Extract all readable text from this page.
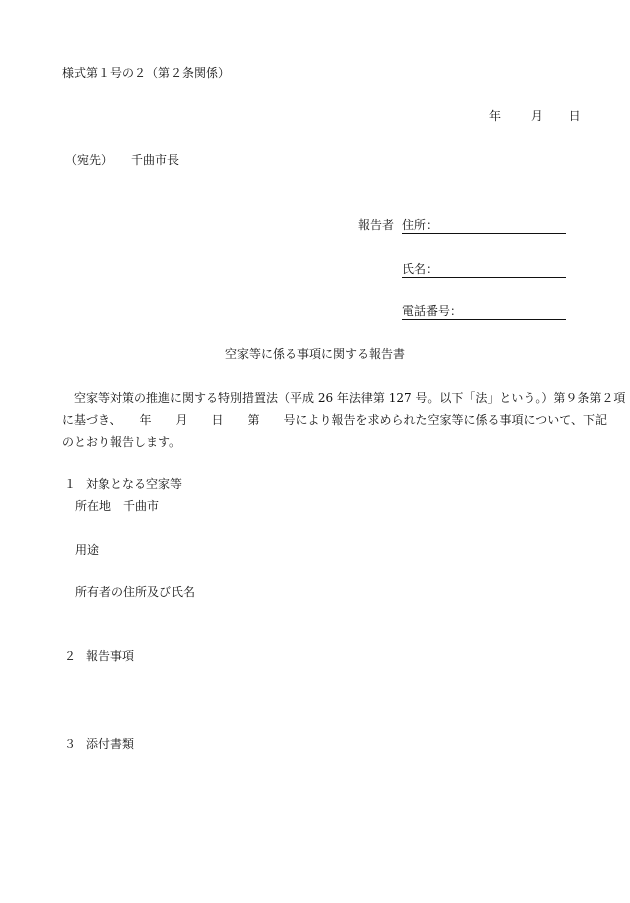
様式第１号の２（第２条関係）
年 月 日
（宛先） 千曲市長
報告者 住所：
氏名：
電話番号：
空家等に係る事項に関する報告書
　空家等対策の推進に関する特別措置法（平成 26 年法律第 127 号。以下「法」という。）第９条第２項
に基づき、　　年　　月　　日　　第　　号により報告を求められた空家等に係る事項について、下記
のとおり報告します。
１ 対象となる空家等
所在地　千曲市
用途
所有者の住所及び氏名
２ 報告事項
３ 添付書類
